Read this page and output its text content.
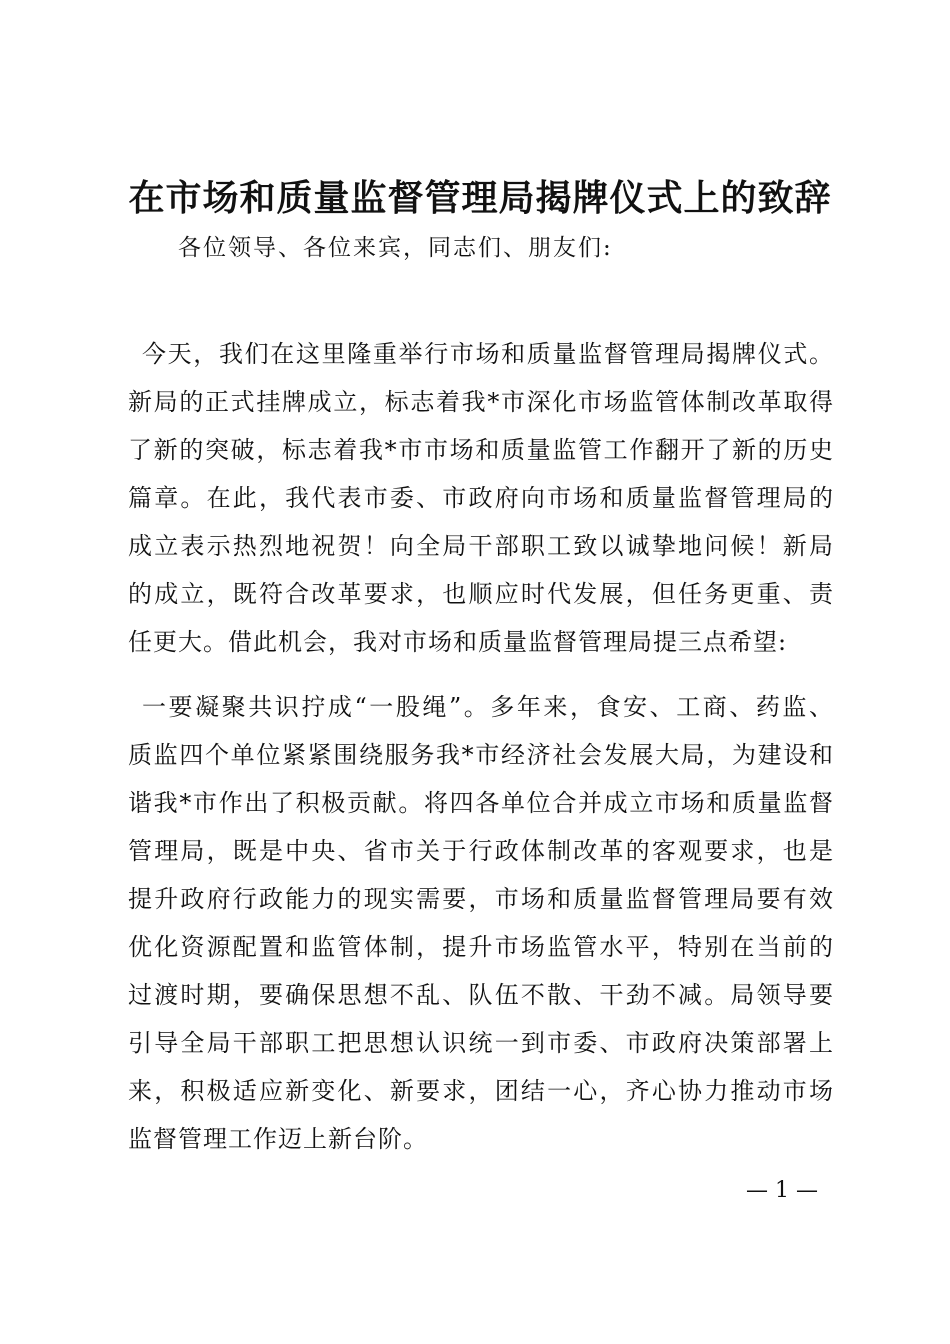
在市场和质量监督管理局揭牌仪式上的致辞

各位领导、各位来宾，同志们、朋友们:

今天，我们在这里隆重举行市场和质量监督管理局揭牌仪式。
新局的正式挂牌成立，标志着我*市深化市场监管体制改革取得
了新的突破，标志着我*市市场和质量监管工作翻开了新的历史
篇章。在此，我代表市委、市政府向市场和质量监督管理局的
成立表示热烈地祝贺！向全局干部职工致以诚挚地问候！新局
的成立，既符合改革要求，也顺应时代发展，但任务更重、责
任更大。借此机会，我对市场和质量监督管理局提三点希望:
一要凝聚共识拧成“一股绳”。多年来，食安、工商、药监、
质监四个单位紧紧围绕服务我*市经济社会发展大局，为建设和
谐我*市作出了积极贡献。将四各单位合并成立市场和质量监督
管理局，既是中央、省市关于行政体制改革的客观要求，也是
提升政府行政能力的现实需要，市场和质量监督管理局要有效
优化资源配置和监管体制，提升市场监管水平，特别在当前的
过渡时期，要确保思想不乱、队伍不散、干劲不减。局领导要
引导全局干部职工把思想认识统一到市委、市政府决策部署上
来，积极适应新变化、新要求，团结一心，齐心协力推动市场
监督管理工作迈上新台阶。

— 1 —
